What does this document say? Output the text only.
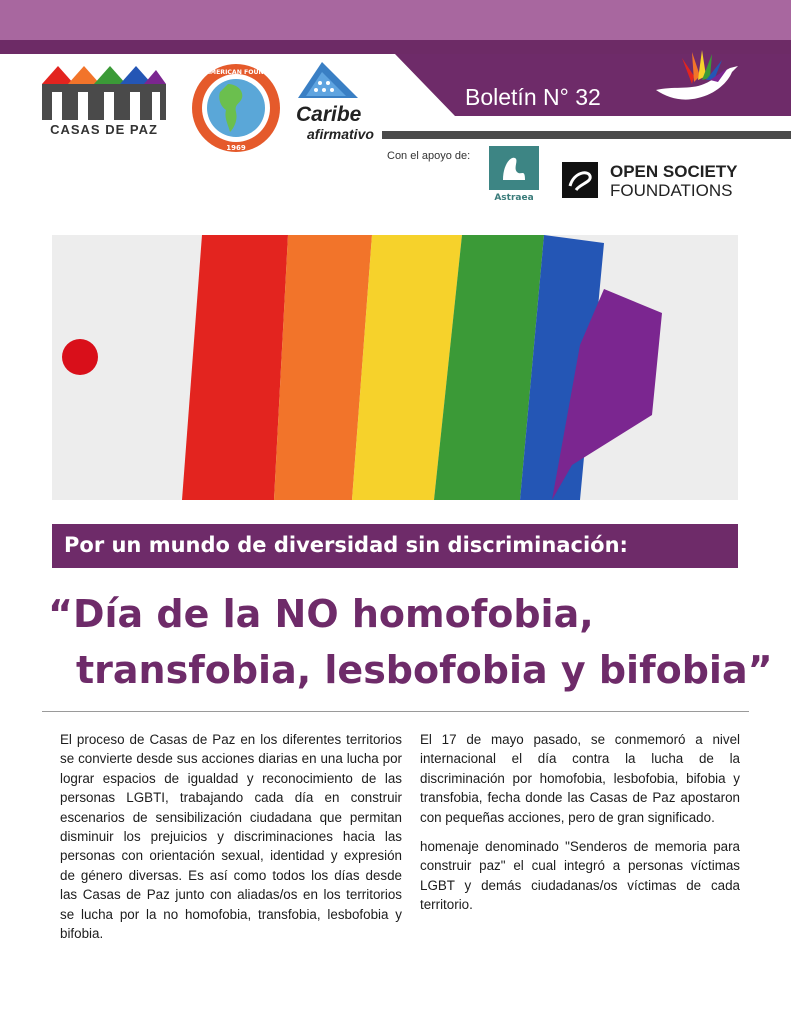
Boletín N° 32
CASAS DE PAZ
INTER-AMERICAN FOUNDATION
1969
Caribe
afirmativo
Con el apoyo de:
Astraea
OPEN SOCIETY
FOUNDATIONS
Por un mundo de diversidad sin discriminación:
“Día de la NO homofobia,
transfobia, lesbofobia y bifobia”
El proceso de Casas de Paz en los diferentes territorios se convierte desde sus acciones diarias en una lucha por lograr espacios de igualdad y reconocimiento de las personas LGBTI, trabajando cada día en construir escenarios de sensibilización ciudadana que permitan disminuir los prejuicios y discriminaciones hacia las personas con orientación sexual, identidad y expresión de género diversas. Es así como todos los días desde las Casas de Paz junto con aliadas/os en los territorios se lucha por la no homofobia, transfobia, lesbofobia y bifobia.

El 17 de mayo pasado, se conmemoró a nivel internacional el día contra la lucha de la discriminación por homofobia, lesbofobia, bifobia y transfobia, fecha donde las Casas de Paz apostaron con pequeñas acciones, pero de gran significado.

homenaje denominado "Senderos de memoria para construir paz" el cual integró a personas víctimas LGBT y demás ciudadanas/os víctimas de cada territorio.
